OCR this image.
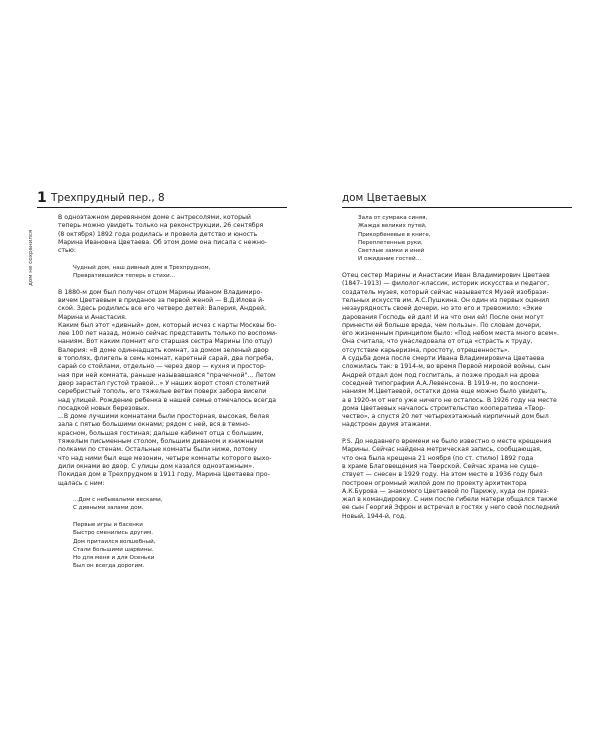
1 Трехпрудный пер., 8	дом Цветаевых
дом не сохранился
В одноэтажном деревянном доме с антресолями, который
теперь можно увидеть только на реконструкции, 26 сентября
(8 октября) 1892 года родилась и провела детство и юность
Марина Ивановна Цветаева. Об этом доме она писала с нежно-
стью:
Чудный дом, наш дивный дом в Трехпрудном,
Превратившийся теперь в стихи...
В 1880-м дом был получен отцом Марины Иваном Владимиро-
вичем Цветаевым в приданое за первой женой — В.Д.Илова й-
ской. Здесь родились все его четверо детей: Валерия, Андрей,
Марина и Анастасия.
Каким был этот «дивный» дом, который исчез с карты Москвы бо-
лее 100 лет назад, можно сейчас представить только по воспоми-
наниям. Вот каким помнит его старшая сестра Марины (по отцу)
Валерия: «В доме одиннадцать комнат, за домом зеленый двор
в тополях, флигель в семь комнат, каретный сарай, два погреба,
сарай со стойлами, отдельно — через двор — кухня и простор-
ная при ней комната, раньше называвшаяся "прачечной"... Летом
двор зарастал густой травой...» У наших ворот стоял столетний
серебристый тополь, его тяжелые ветви поверх забора висели
над улицей. Рождение ребенка в нашей семье отмечалось всегда
посадкой новых березовых.
...В доме лучшими комнатами были просторная, высокая, белая
зала с пятью большими окнами; рядом с ней, вся в темно-
красном, большая гостиная; дальше кабинет отца с большим,
тяжелым письменным столом, большим диваном и книжными
полками по стенам. Остальные комнаты были ниже, потому
что над ними был еще мезонин, четыре комнаты которого выхо-
дили окнами во двор. С улицы дом казался одноэтажным».
Покидая дом в Трехпрудном в 1911 году, Марина Цветаева про-
щалась с ним:
...Дом с небывалыми весками,
С дивными залами дом.
Первые игры и басенки
Быстро сменились другим.
Дом притаился волшебный,
Стали большими шарвины.
Но для меня и для Осеньки
Был он всегда дорогим.
Зала от сумрака синяя,
Жажда великих путей,
Прикорбеневые в книге,
Переплетенные руки,
Светлые замки и иней
И ожидание гостей...
Отец сестер Марины и Анастасии Иван Владимирович Цветаев
(1847–1913) — филолог-классик, историк искусства и педагог,
создатель музея, который сейчас называется Музей изобрази-
тельных искусств им. А.С.Пушкина. Он один из первых оценил
незаурядность своей дочери, но это его и тревожило: «Экие
дарования Господь ей дал! И на что они ей! После они могут
принести ей больше вреда, чем пользы». По словам дочери,
его жизненным принципом было: «Под небом места много всем».
Она считала, что унаследовала от отца «страсть к труду,
отсутствие карьеризма, простоту, отрешенность».
А судьба дома после смерти Ивана Владимировича Цветаева
сложилась так: в 1914-м, во время Первой мировой войны, сын
Андрей отдал дом под госпиталь, а позже продал на дрова
соседней типографии А.А.Левенсона. В 1919-м, по воспоми-
наниям М.Цветаевой, остатки дома еще можно было увидеть,
а в 1920-м от него уже ничего не осталось. В 1926 году на месте
дома Цветаевых началось строительство кооператива «Твор-
чество», а спустя 20 лет четырехэтажный кирпичный дом был
надстроен двумя этажами.
P.S. До недавнего времени не было известно о месте крещения
Марины. Сейчас найдена метрическая запись, сообщающая,
что она была крещена 21 ноября (по ст. стилю) 1892 года
в храме Благовещения на Тверской. Сейчас храма не суще-
ствует — снесен в 1929 году. На этом месте в 1936 году был
построен огромный жилой дом по проекту архитектора
А.К.Бурова — знакомого Цветаевой по Парижу, куда он приез-
жал в командировку. С ним после гибели матери общался также
ее сын Георгий Эфрон и встречал в гостях у него свой последний
Новый, 1944-й, год.
